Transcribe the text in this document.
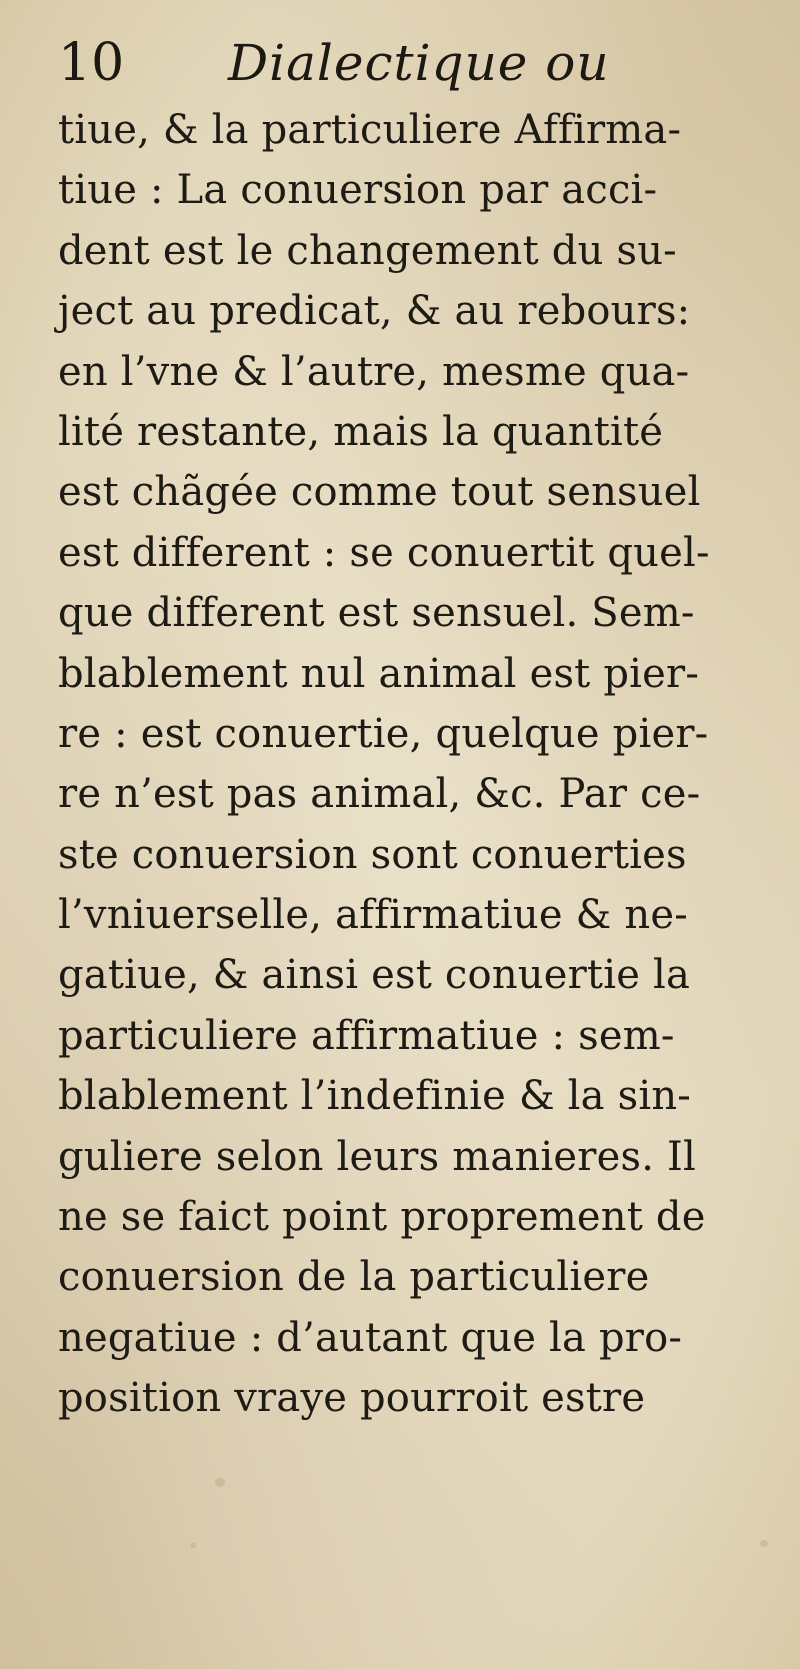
10 Dialectique ou
tiue, & la particuliere Affirma-
tiue : La conuersion par acci-
dent est le changement du su-
ject au predicat, & au rebours:
en l’vne & l’autre, mesme qua-
lité restante, mais la quantité
est chãgée comme tout sensuel
est different : se conuertit quel-
que different est sensuel. Sem-
blablement nul animal est pier-
re : est conuertie, quelque pier-
re n’est pas animal, &c. Par ce-
ste conuersion sont conuerties
l’vniuerselle, affirmatiue & ne-
gatiue, & ainsi est conuertie la
particuliere affirmatiue : sem-
blablement l’indefinie & la sin-
guliere selon leurs manieres. Il
ne se faict point proprement de
conuersion de la particuliere
negatiue : d’autant que la pro-
position vraye pourroit estre
